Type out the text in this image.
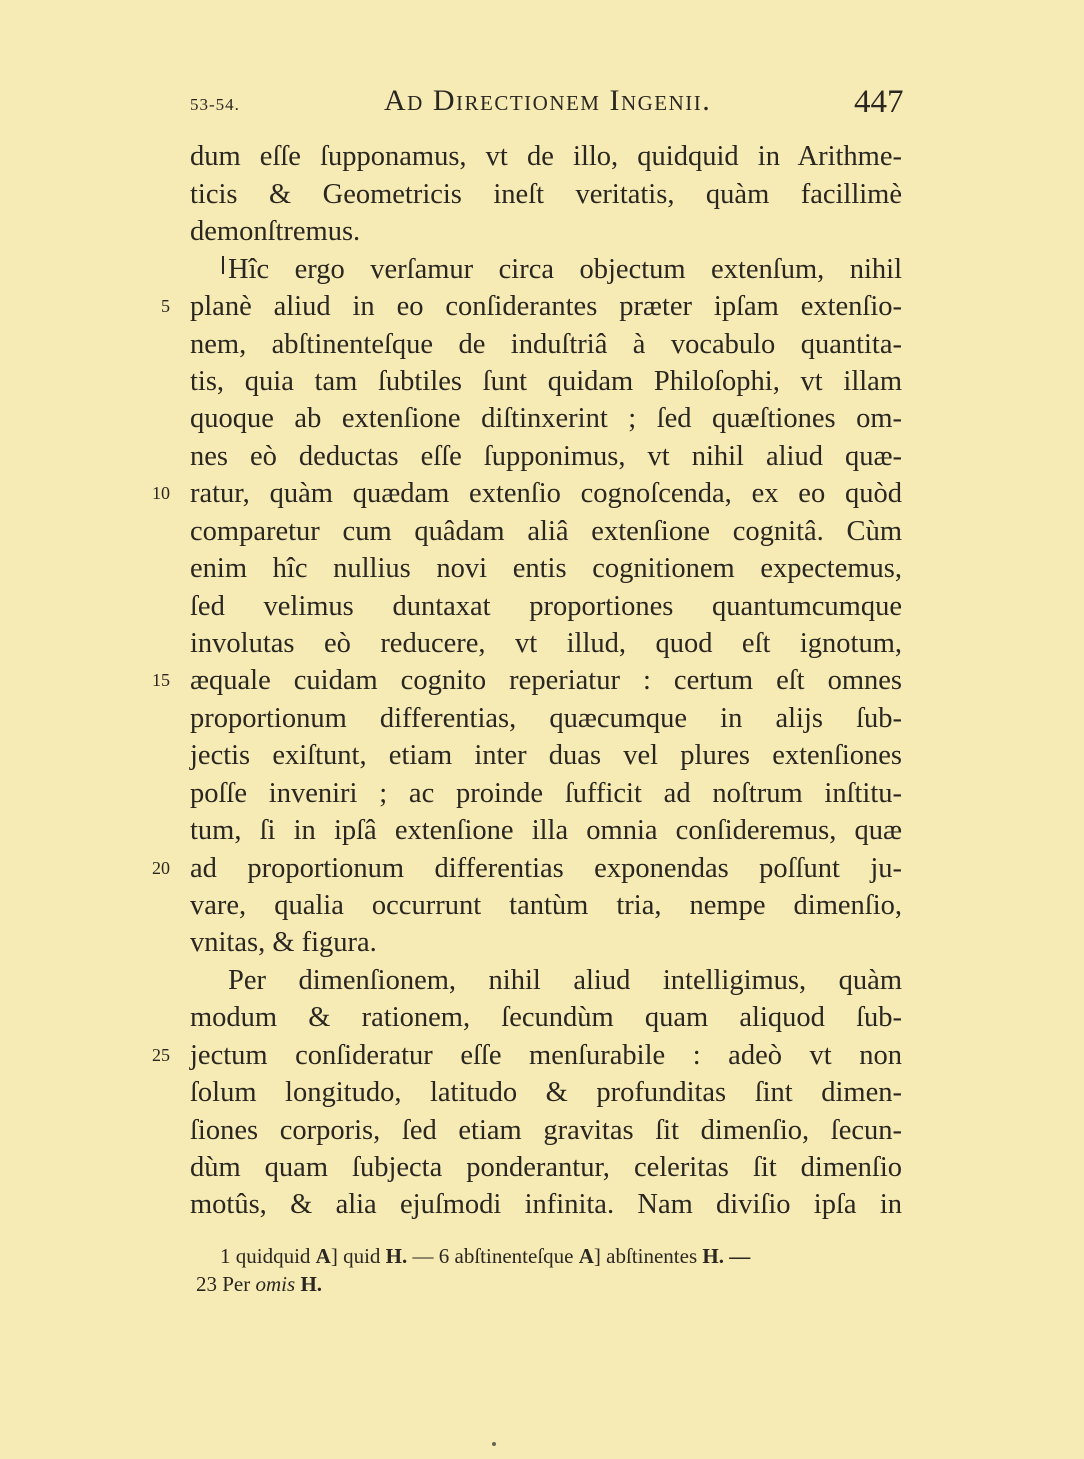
53-54.	Ad Directionem Ingenii.	447
dum eſſe ſupponamus, vt de illo, quidquid in Arithme-
ticis & Geometricis ineſt veritatis, quàm facillimè
demonſtremus.
Hîc ergo verſamur circa objectum extenſum, nihil
planè aliud in eo conſiderantes præter ipſam extenſio-
nem, abſtinenteſque de induſtriâ à vocabulo quantita-
tis, quia tam ſubtiles ſunt quidam Philoſophi, vt illam
quoque ab extenſione diſtinxerint ; ſed quæſtiones om-
nes eò deductas eſſe ſupponimus, vt nihil aliud quæ-
ratur, quàm quædam extenſio cognoſcenda, ex eo quòd
comparetur cum quâdam aliâ extenſione cognitâ. Cùm
enim hîc nullius novi entis cognitionem expectemus,
ſed velimus duntaxat proportiones quantumcumque
involutas eò reducere, vt illud, quod eſt ignotum,
æquale cuidam cognito reperiatur : certum eſt omnes
proportionum differentias, quæcumque in alijs ſub-
jectis exiſtunt, etiam inter duas vel plures extenſiones
poſſe inveniri ; ac proinde ſufficit ad noſtrum inſtitu-
tum, ſi in ipſâ extenſione illa omnia conſideremus, quæ
ad proportionum differentias exponendas poſſunt ju-
vare, qualia occurrunt tantùm tria, nempe dimenſio,
vnitas, & figura.
Per dimenſionem, nihil aliud intelligimus, quàm
modum & rationem, ſecundùm quam aliquod ſub-
jectum conſideratur eſſe menſurabile : adeò vt non
ſolum longitudo, latitudo & profunditas ſint dimen-
ſiones corporis, ſed etiam gravitas ſit dimenſio, ſecun-
dùm quam ſubjecta ponderantur, celeritas ſit dimenſio
motûs, & alia ejuſmodi infinita. Nam diviſio ipſa in
5
10
15
20
25
1 quidquid A] quid H. — 6 abſtinenteſque A] abſtinentes H. —
23 Per omis H.
